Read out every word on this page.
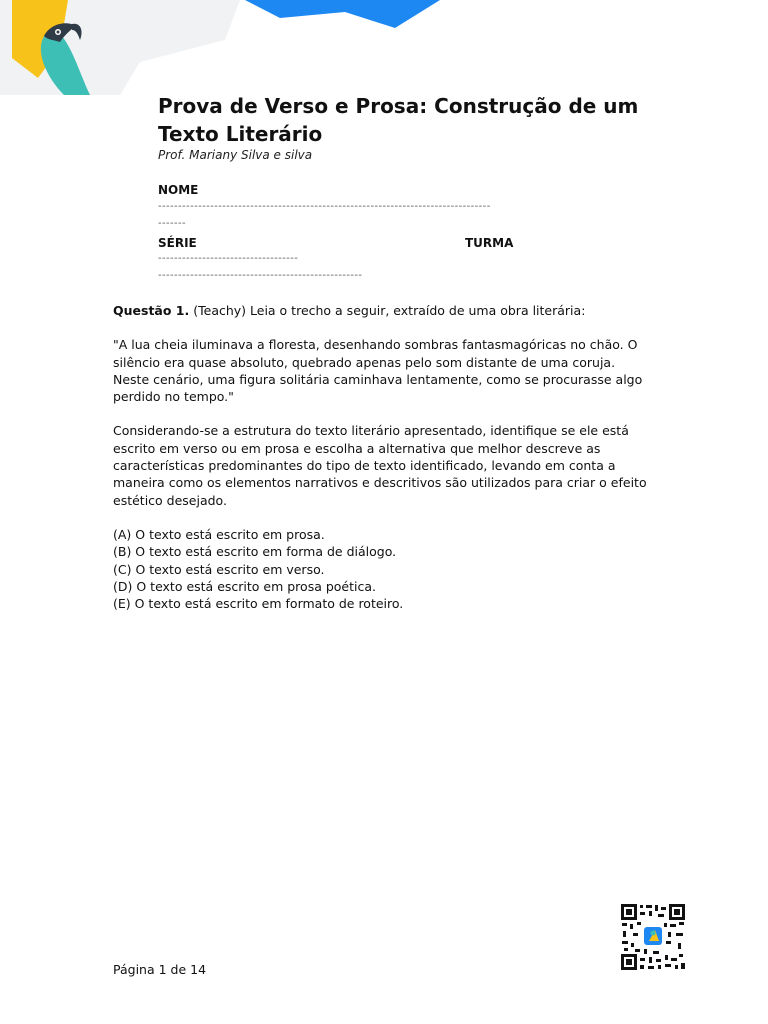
Prova de Verso e Prosa: Construção de um Texto Literário
Prof. Mariany Silva e silva
NOME
-----------------------------------------------------------------------------------
-------
SÉRIE	TURMA
-----------------------------------
---------------------------------------------------

Questão 1. (Teachy) Leia o trecho a seguir, extraído de uma obra literária:

"A lua cheia iluminava a floresta, desenhando sombras fantasmagóricas no chão. O silêncio era quase absoluto, quebrado apenas pelo som distante de uma coruja. Neste cenário, uma figura solitária caminhava lentamente, como se procurasse algo perdido no tempo."

Considerando-se a estrutura do texto literário apresentado, identifique se ele está escrito em verso ou em prosa e escolha a alternativa que melhor descreve as características predominantes do tipo de texto identificado, levando em conta a maneira como os elementos narrativos e descritivos são utilizados para criar o efeito estético desejado.

(A) O texto está escrito em prosa.
(B) O texto está escrito em forma de diálogo.
(C) O texto está escrito em verso.
(D) O texto está escrito em prosa poética.
(E) O texto está escrito em formato de roteiro.
Página 1 de 14
